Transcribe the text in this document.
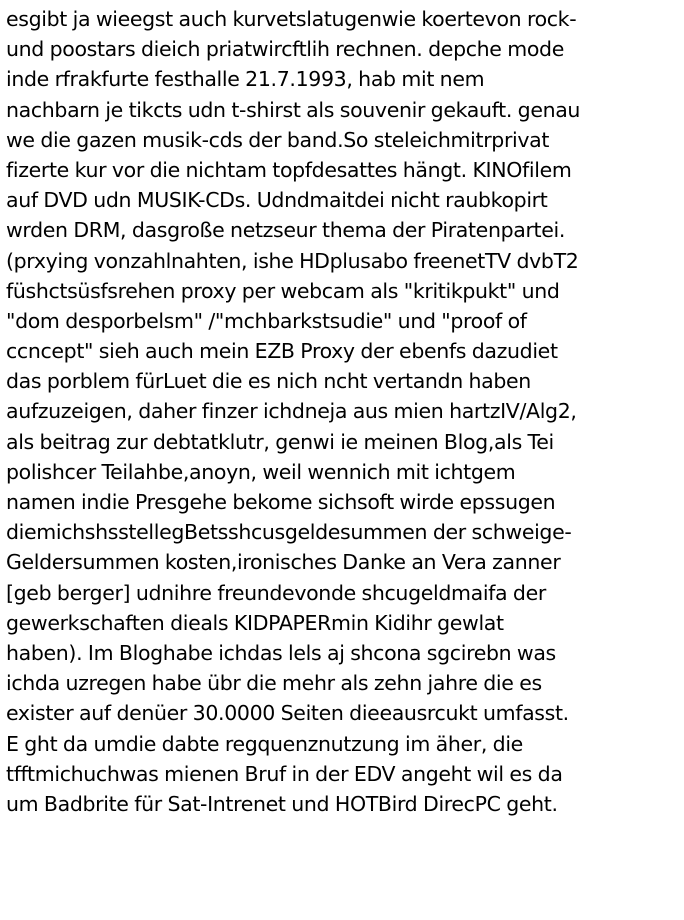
esgibt ja wieegst auch kurvetslatugenwie koertevon rock-
und poostars dieich priatwircftlih rechnen. depche mode
inde rfrakfurte festhalle 21.7.1993, hab mit nem
nachbarn je tikcts udn t-shirst als souvenir gekauft. genau
we die gazen musik-cds der band.So steleichmitrprivat
fizerte kur vor die nichtam topfdesattes hängt. KINOfilem
auf DVD udn MUSIK-CDs. Udndmaitdei nicht raubkopirt
wrden DRM, dasgroße netzseur thema der Piratenpartei.
(prxying vonzahlnahten, ishe HDplusabo freenetTV dvbT2
füshctsüsfsrehen proxy per webcam als "kritikpukt" und
"dom desporbelsm" /"mchbarkstsudie" und "proof of
ccncept" sieh auch mein EZB Proxy der ebenfs dazudiet
das porblem fürLuet die es nich ncht vertandn haben
aufzuzeigen, daher finzer ichdneja aus mien hartzIV/Alg2,
als beitrag zur debtatklutr, genwi ie meinen Blog,als Tei
polishcer Teilahbe,anoyn, weil wennich mit ichtgem
namen indie Presgehe bekome sichsoft wirde epssugen
diemichshsstellegBetsshcusgeldesummen der schweige-
Geldersummen kosten,ironisches Danke an Vera zanner
[geb berger] udnihre freundevonde shcugeldmaifa der
gewerkschaften dieals KIDPAPERmin Kidihr gewlat
haben). Im Bloghabe ichdas lels aj shcona sgcirebn was
ichda uzregen habe übr die mehr als zehn jahre die es
exister auf denüer 30.0000 Seiten dieeausrcukt umfasst.
E ght da umdie dabte regquenznutzung im äher, die
tfftmichuchwas mienen Bruf in der EDV angeht wil es da
um Badbrite für Sat-Intrenet und HOTBird DirecPC geht.
